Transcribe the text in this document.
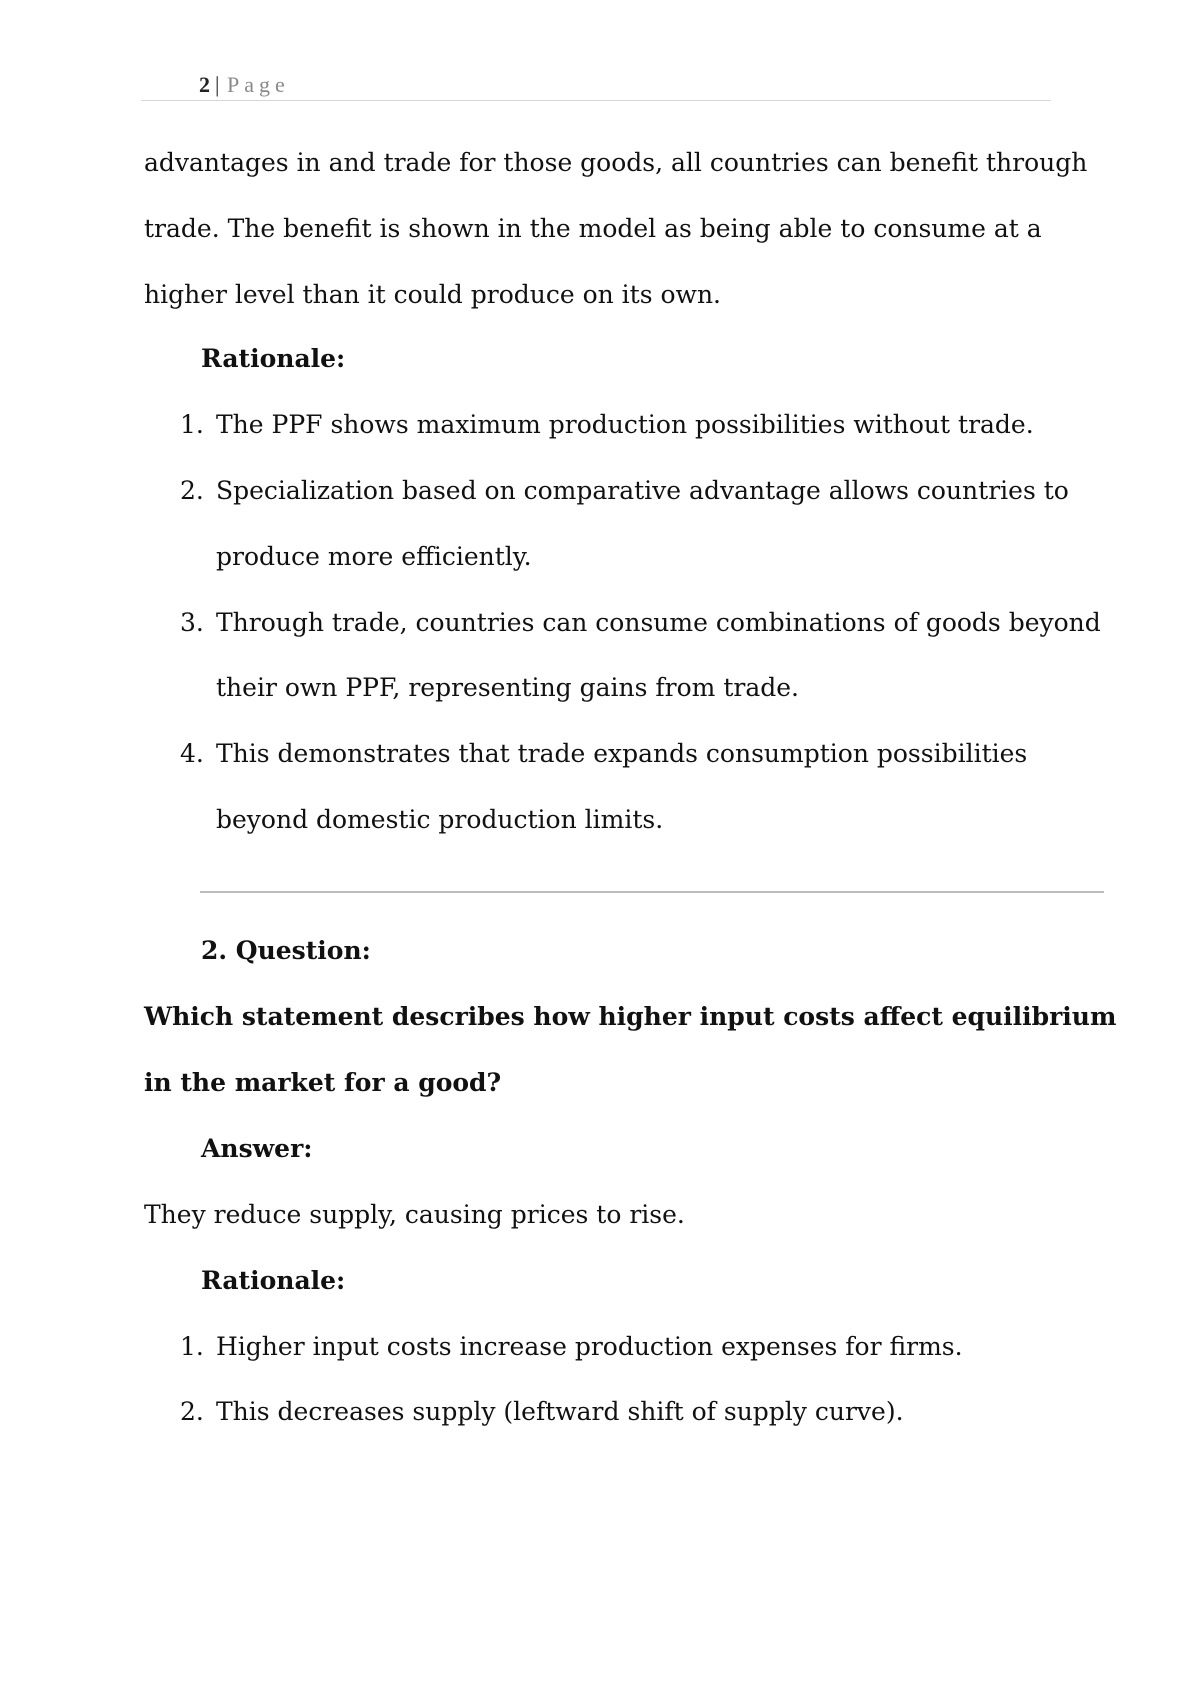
2 | Page
advantages in and trade for those goods, all countries can benefit through
trade. The benefit is shown in the model as being able to consume at a
higher level than it could produce on its own.
Rationale:
1. The PPF shows maximum production possibilities without trade.
2. Specialization based on comparative advantage allows countries to
produce more efficiently.
3. Through trade, countries can consume combinations of goods beyond
their own PPF, representing gains from trade.
4. This demonstrates that trade expands consumption possibilities
beyond domestic production limits.
2. Question:
Which statement describes how higher input costs affect equilibrium
in the market for a good?
Answer:
They reduce supply, causing prices to rise.
Rationale:
1. Higher input costs increase production expenses for firms.
2. This decreases supply (leftward shift of supply curve).
